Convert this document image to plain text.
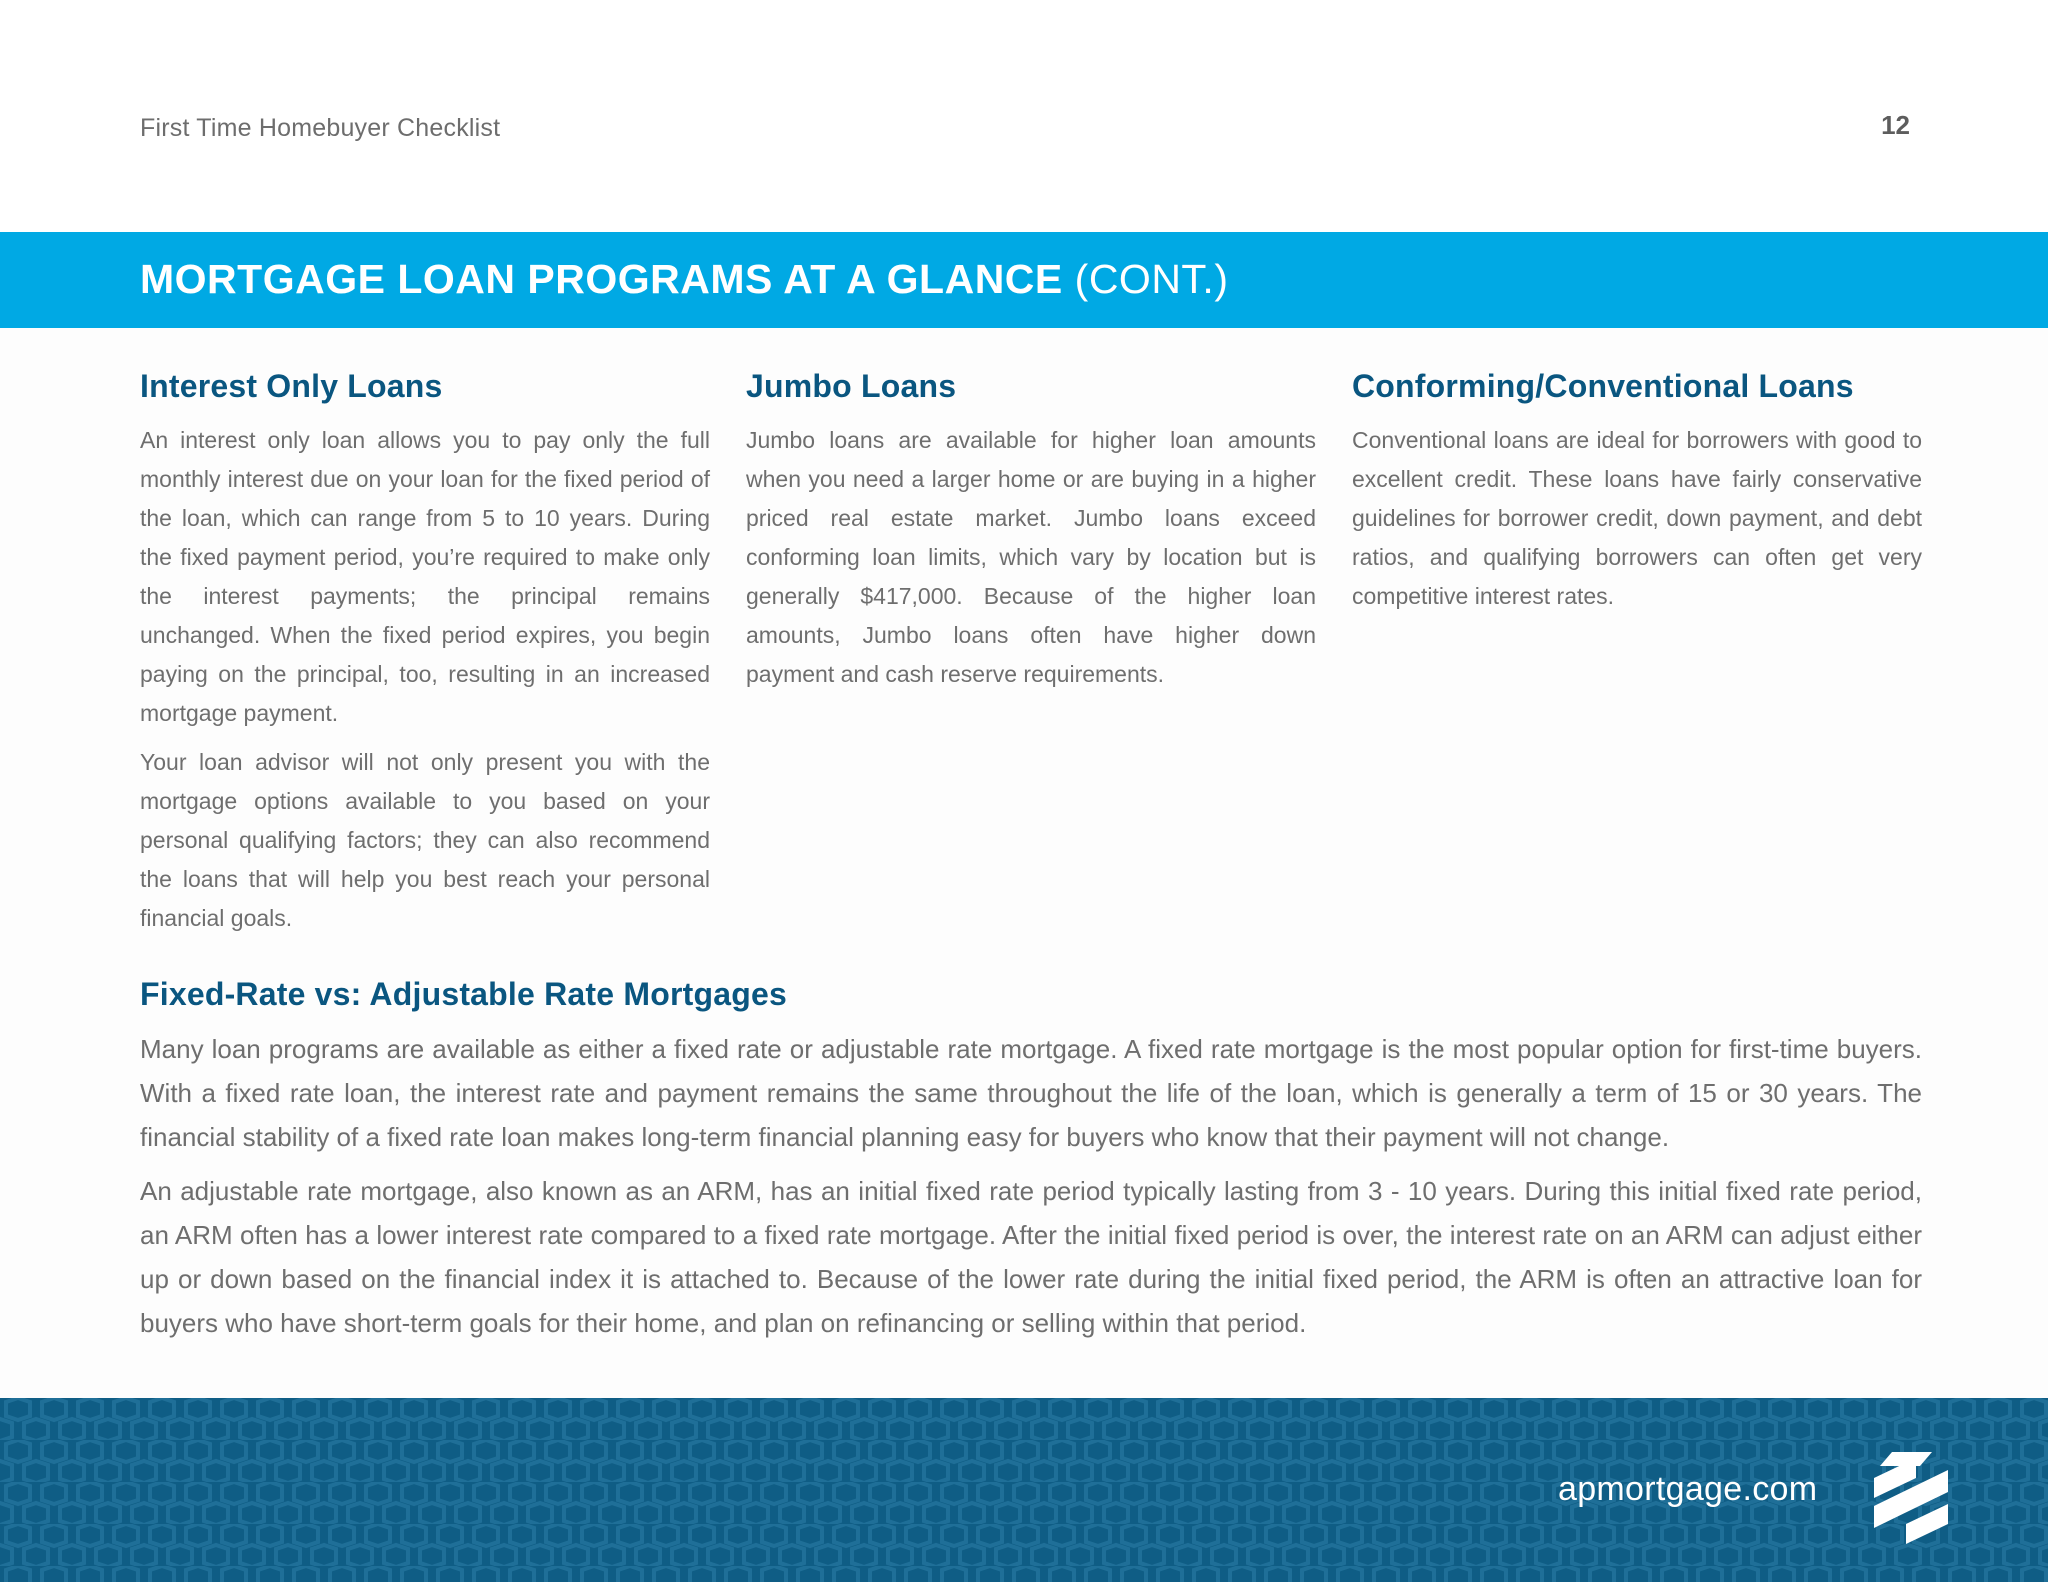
First Time Homebuyer Checklist	12
MORTGAGE LOAN PROGRAMS AT A GLANCE (CONT.)
Interest Only Loans

An interest only loan allows you to pay only the full monthly interest due on your loan for the fixed period of the loan, which can range from 5 to 10 years. During the fixed payment period, you’re required to make only the interest payments; the principal remains unchanged. When the fixed period expires, you begin paying on the principal, too, resulting in an increased mortgage payment.

Your loan advisor will not only present you with the mortgage options available to you based on your personal qualifying factors; they can also recommend the loans that will help you best reach your personal financial goals.

Jumbo Loans

Jumbo loans are available for higher loan amounts when you need a larger home or are buying in a higher priced real estate market. Jumbo loans exceed conforming loan limits, which vary by location but is generally $417,000. Because of the higher loan amounts, Jumbo loans often have higher down payment and cash reserve requirements.

Conforming/Conventional Loans

Conventional loans are ideal for borrowers with good to excellent credit. These loans have fairly conservative guidelines for borrower credit, down payment, and debt ratios, and qualifying borrowers can often get very competitive interest rates.

Fixed-Rate vs: Adjustable Rate Mortgages

Many loan programs are available as either a fixed rate or adjustable rate mortgage. A fixed rate mortgage is the most popular option for first-time buyers. With a fixed rate loan, the interest rate and payment remains the same throughout the life of the loan, which is generally a term of 15 or 30 years. The financial stability of a fixed rate loan makes long-term financial planning easy for buyers who know that their payment will not change.

An adjustable rate mortgage, also known as an ARM, has an initial fixed rate period typically lasting from 3 - 10 years. During this initial fixed rate period, an ARM often has a lower interest rate compared to a fixed rate mortgage. After the initial fixed period is over, the interest rate on an ARM can adjust either up or down based on the financial index it is attached to. Because of the lower rate during the initial fixed period, the ARM is often an attractive loan for buyers who have short-term goals for their home, and plan on refinancing or selling within that period.

apmortgage.com
